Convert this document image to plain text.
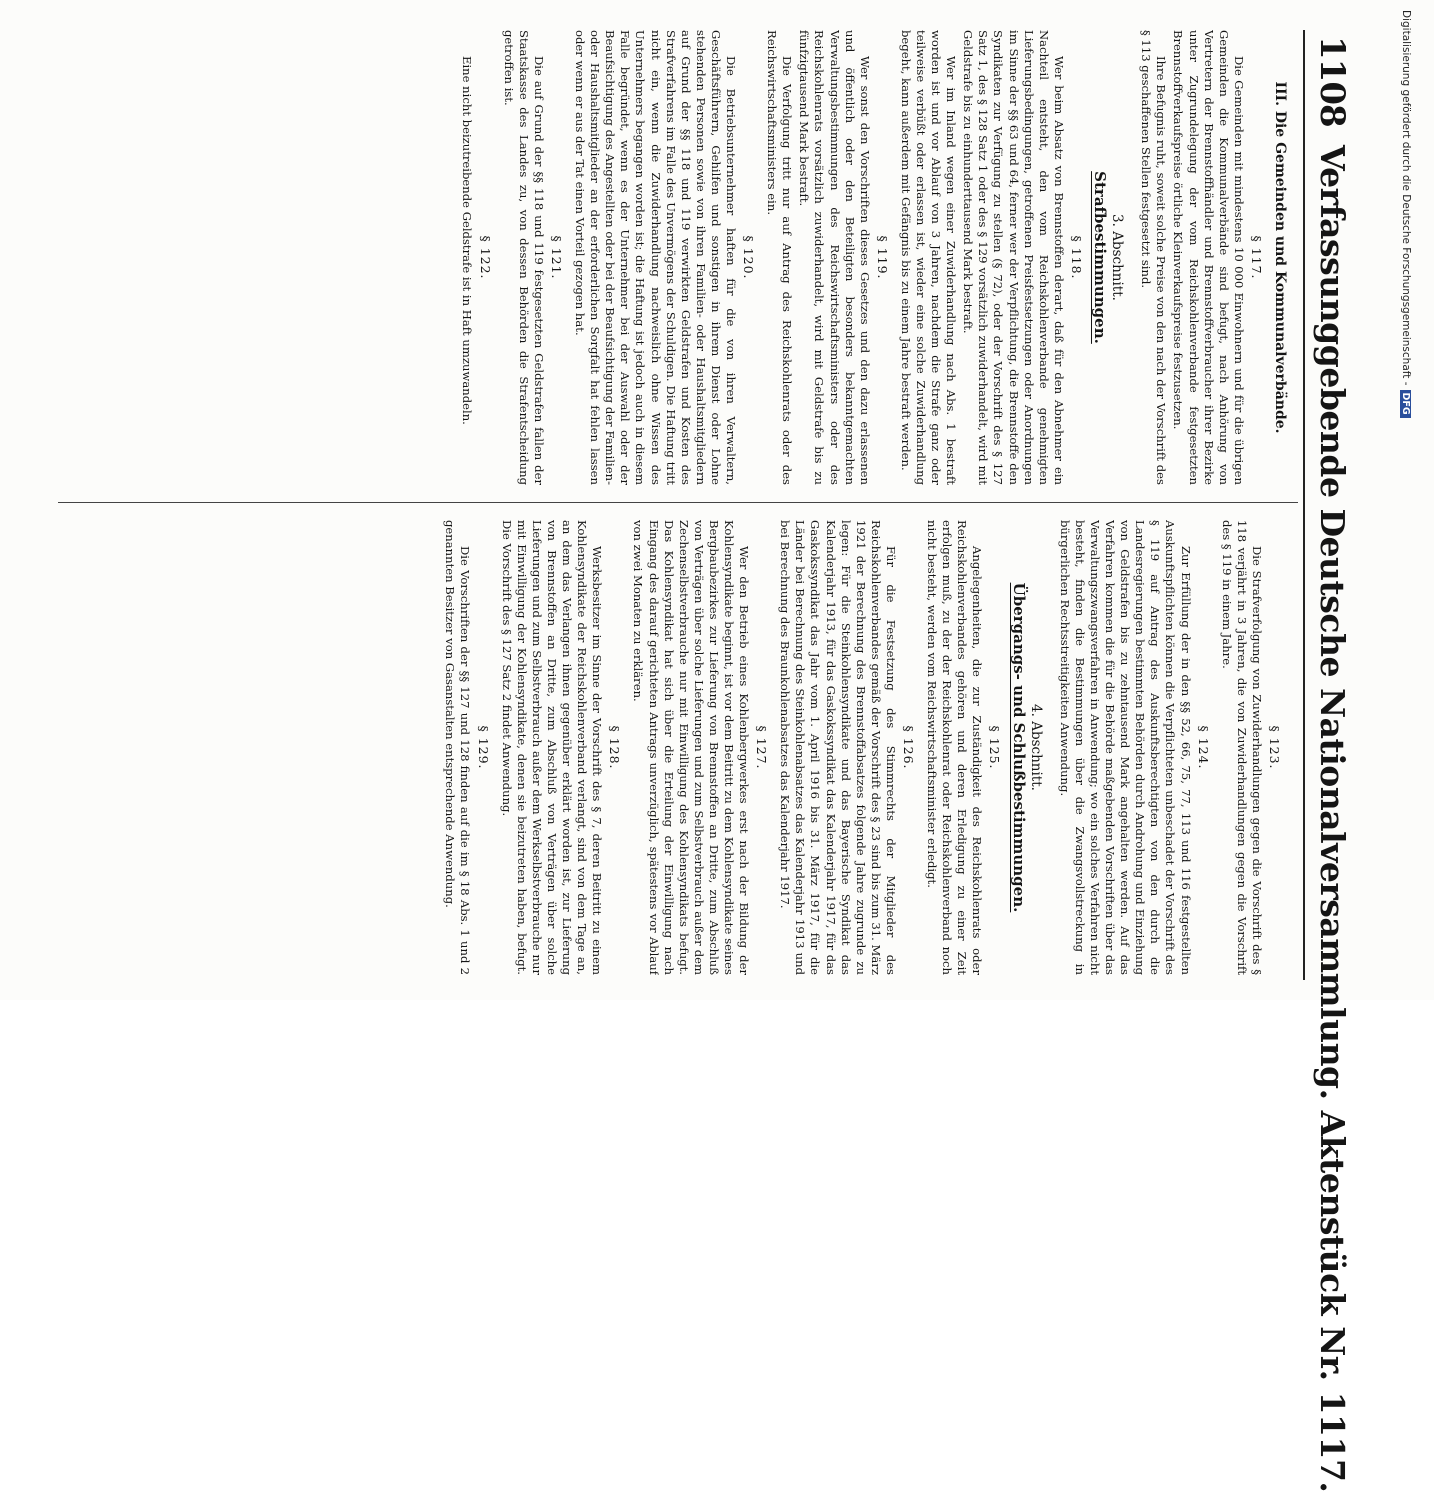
1108
Verfassunggebende Deutsche Nationalversammlung. Aktenstück Nr. 1117.
III. Die Gemeinden und Kommunalverbände.
§ 117.

Die Gemeinden mit mindestens 10 000 Einwohnern und für die übrigen Gemeinden die Kommunalverbände sind befugt, nach Anhörung von Vertretern der Brennstoffhändler und Brennstoffverbraucher ihrer Bezirke unter Zugrundelegung der vom Reichskohlenverbande festgesetzten Brennstoffverkaufspreise örtliche Kleinverkaufspreise festzusetzen.

Ihre Befugnis ruht, soweit solche Preise von den nach der Vorschrift des § 113 geschaffenen Stellen festgesetzt sind.

3. Abschnitt.
Strafbestimmungen.
§ 118.

Wer beim Absatz von Brennstoffen derart, daß für den Abnehmer ein Nachteil entsteht, den vom Reichskohlenverbande genehmigten Lieferungsbedingungen, getroffenen Preisfestsetzungen oder Anordnungen im Sinne der §§ 63 und 64, ferner wer der Verpflichtung, die Brennstoffe den Syndikaten zur Verfügung zu stellen (§ 72), oder der Vorschrift des § 127 Satz 1, des § 128 Satz 1 oder des § 129 vorsätzlich zuwiderhandelt, wird mit Geldstrafe bis zu einhunderttausend Mark bestraft.

Wer im Inland wegen einer Zuwiderhandlung nach Abs. 1 bestraft worden ist und vor Ablauf von 3 Jahren, nachdem die Strafe ganz oder teilweise verbüßt oder erlassen ist, wieder eine solche Zuwiderhandlung begeht, kann außerdem mit Gefängnis bis zu einem Jahre bestraft werden.

§ 119.

Wer sonst den Vorschriften dieses Gesetzes und den dazu erlassenen und öffentlich oder den Beteiligten besonders bekanntgemachten Verwaltungsbestimmungen des Reichswirtschaftsministers oder des Reichskohlenrats vorsätzlich zuwiderhandelt, wird mit Geldstrafe bis zu fünfzigtausend Mark bestraft.

Die Verfolgung tritt nur auf Antrag des Reichskohlenrats oder des Reichswirtschaftsministers ein.

§ 120.

Die Betriebsunternehmer haften für die von ihren Verwaltern, Geschäftsführern, Gehilfen und sonstigen in ihrem Dienst oder Lohne stehenden Personen sowie von ihren Familien- oder Haushaltsmitgliedern auf Grund der §§ 118 und 119 verwirkten Geldstrafen und Kosten des Strafverfahrens im Falle des Unvermögens der Schuldigen. Die Haftung tritt nicht ein, wenn die Zuwiderhandlung nachweislich ohne Wissen des Unternehmers begangen worden ist; die Haftung ist jedoch auch in diesem Falle begründet, wenn es der Unternehmer bei der Auswahl oder der Beaufsichtigung des Angestellten oder bei der Beaufsichtigung der Familien- oder Haushaltsmitglieder an der erforderlichen Sorgfalt hat fehlen lassen oder wenn er aus der Tat einen Vorteil gezogen hat.

§ 121.

Die auf Grund der §§ 118 und 119 festgesetzten Geldstrafen fallen der Staatskasse des Landes zu, von dessen Behörden die Strafentscheidung getroffen ist.

§ 122.

Eine nicht beizutreibende Geldstrafe ist in Haft umzuwandeln.

§ 123.

Die Strafverfolgung von Zuwiderhandlungen gegen die Vorschrift des § 118 verjährt in 3 Jahren, die von Zuwiderhandlungen gegen die Vorschrift des § 119 in einem Jahre.

§ 124.

Zur Erfüllung der in den §§ 52, 66, 75, 77, 113 und 116 festgestellten Auskunftspflichten können die Verpflichteten unbeschadet der Vorschrift des § 119 auf Antrag des Auskunftsberechtigten von den durch die Landesregierungen bestimmten Behörden durch Androhung und Einziehung von Geldstrafen bis zu zehntausend Mark angehalten werden. Auf das Verfahren kommen die für die Behörde maßgebenden Vorschriften über das Verwaltungszwangsverfahren in Anwendung; wo ein solches Verfahren nicht besteht, finden die Bestimmungen über die Zwangsvollstreckung in bürgerlichen Rechtsstreitigkeiten Anwendung.

4. Abschnitt.
Übergangs- und Schlußbestimmungen.
§ 125.

Angelegenheiten, die zur Zuständigkeit des Reichskohlenrats oder Reichskohlenverbandes gehören und deren Erledigung zu einer Zeit erfolgen muß, zu der der Reichskohlenrat oder Reichskohlenverband noch nicht besteht, werden vom Reichswirtschaftsminister erledigt.

§ 126.

Für die Festsetzung des Stimmrechts der Mitglieder des Reichskohlenverbandes gemäß der Vorschrift des § 23 sind bis zum 31. März 1921 der Berechnung des Brennstoffabsatzes folgende Jahre zugrunde zu legen: Für die Steinkohlensyndikate und das Bayerische Syndikat das Kalenderjahr 1913, für das Gaskokssyndikat das Kalenderjahr 1917, für das Gaskokssyndikat das Jahr vom 1. April 1916 bis 31. März 1917, für die Länder bei Berechnung des Steinkohlenabsatzes das Kalenderjahr 1913 und bei Berechnung des Braunkohlenabsatzes das Kalenderjahr 1917.

§ 127.

Wer den Betrieb eines Kohlenbergwerkes erst nach der Bildung der Kohlensyndikate beginnt, ist vor dem Beitritt zu dem Kohlensyndikate seines Bergbaubezirkes zur Lieferung von Brennstoffen an Dritte, zum Abschluß von Verträgen über solche Lieferungen und zum Selbstverbrauch außer dem Zechenselbstverbrauche nur mit Einwilligung des Kohlensyndikats befugt. Das Kohlensyndikat hat sich über die Erteilung der Einwilligung nach Eingang des darauf gerichteten Antrags unverzüglich, spätestens vor Ablauf von zwei Monaten zu erklären.

§ 128.

Werksbesitzer im Sinne der Vorschrift des § 7, deren Beitritt zu einem Kohlensyndikate der Reichskohlenverband verlangt, sind von dem Tage an, an dem das Verlangen ihnen gegenüber erklärt worden ist, zur Lieferung von Brennstoffen an Dritte, zum Abschluß von Verträgen über solche Lieferungen und zum Selbstverbrauch außer dem Werkselbstverbrauche nur mit Einwilligung der Kohlensyndikate, denen sie beizutreten haben, befugt. Die Vorschrift des § 127 Satz 2 findet Anwendung.

§ 129.

Die Vorschriften der §§ 127 und 128 finden auf die im § 18 Abs. 1 und 2 genannten Besitzer von Gasanstalten entsprechende Anwendung.

Digitalisierung gefördert durch die Deutsche Forschungsgemeinschaft -DFG
